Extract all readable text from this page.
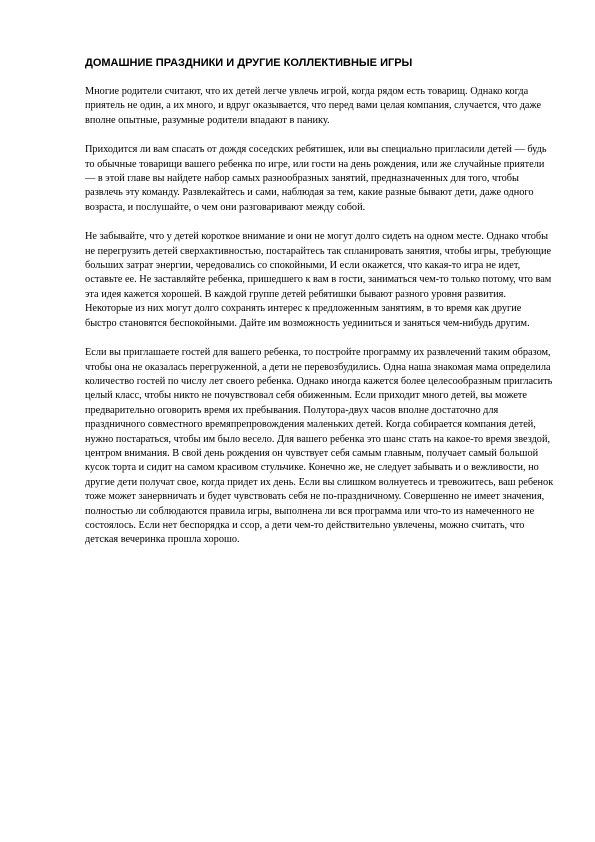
ДОМАШНИЕ ПРАЗДНИКИ И ДРУГИЕ КОЛЛЕКТИВНЫЕ ИГРЫ

Многие родители считают, что их детей легче увлечь игрой, когда рядом есть товарищ. Однако когда приятель не один, а их много, и вдруг оказывается, что перед вами целая компания, случается, что даже вполне опытные, разумные родители впадают в панику.

Приходится ли вам спасать от дождя соседских ребятишек, или вы специально пригласили детей — будь то обычные товарищи вашего ребенка по игре, или гости на день рождения, или же случайные приятели — в этой главе вы найдете набор самых разнообразных занятий, предназначенных для того, чтобы развлечь эту команду. Развлекайтесь и сами, наблюдая за тем, какие разные бывают дети, даже одного возраста, и послушайте, о чем они разговаривают между собой.

Не забывайте, что у детей короткое внимание и они не могут долго сидеть на одном месте. Однако чтобы не перегрузить детей сверхактивностью, постарайтесь так спланировать занятия, чтобы игры, требующие больших затрат энергии, чередовались со спокойными, И если окажется, что какая-то игра не идет, оставьте ее. Не заставляйте ребенка, пришедшего к вам в гости, заниматься чем-то только потому, что вам эта идея кажется хорошей. В каждой группе детей ребятишки бывают разного уровня развития. Некоторые из них могут долго сохранять интерес к предложенным занятиям, в то время как другие быстро становятся беспокойными. Дайте им возможность уединиться и заняться чем-нибудь другим.

Если вы приглашаете гостей для вашего ребенка, то постройте программу их развлечений таким образом, чтобы она не оказалась перегруженной, а дети не перевозбудились. Одна наша знакомая мама определила количество гостей по числу лет своего ребенка. Однако иногда кажется более целесообразным пригласить целый класс, чтобы никто не почувствовал себя обиженным. Если приходит много детей, вы можете предварительно оговорить время их пребывания. Полутора-двух часов вполне достаточно для праздничного совместного времяпрепровождения маленьких детей. Когда собирается компания детей, нужно постараться, чтобы им было весело. Для вашего ребенка это шанс стать на какое-то время звездой, центром внимания. В свой день рождения он чувствует себя самым главным, получает самый большой кусок торта и сидит на самом красивом стульчике. Конечно же, не следует забывать и о вежливости, но другие дети получат свое, когда придет их день. Если вы слишком волнуетесь и тревожитесь, ваш ребенок тоже может занервничать и будет чувствовать себя не по-праздничному. Совершенно не имеет значения, полностью ли соблюдаются правила игры, выполнена ли вся программа или что-то из намеченного не состоялось. Если нет беспорядка и ссор, а дети чем-то действительно увлечены, можно считать, что детская вечеринка прошла хорошо.
